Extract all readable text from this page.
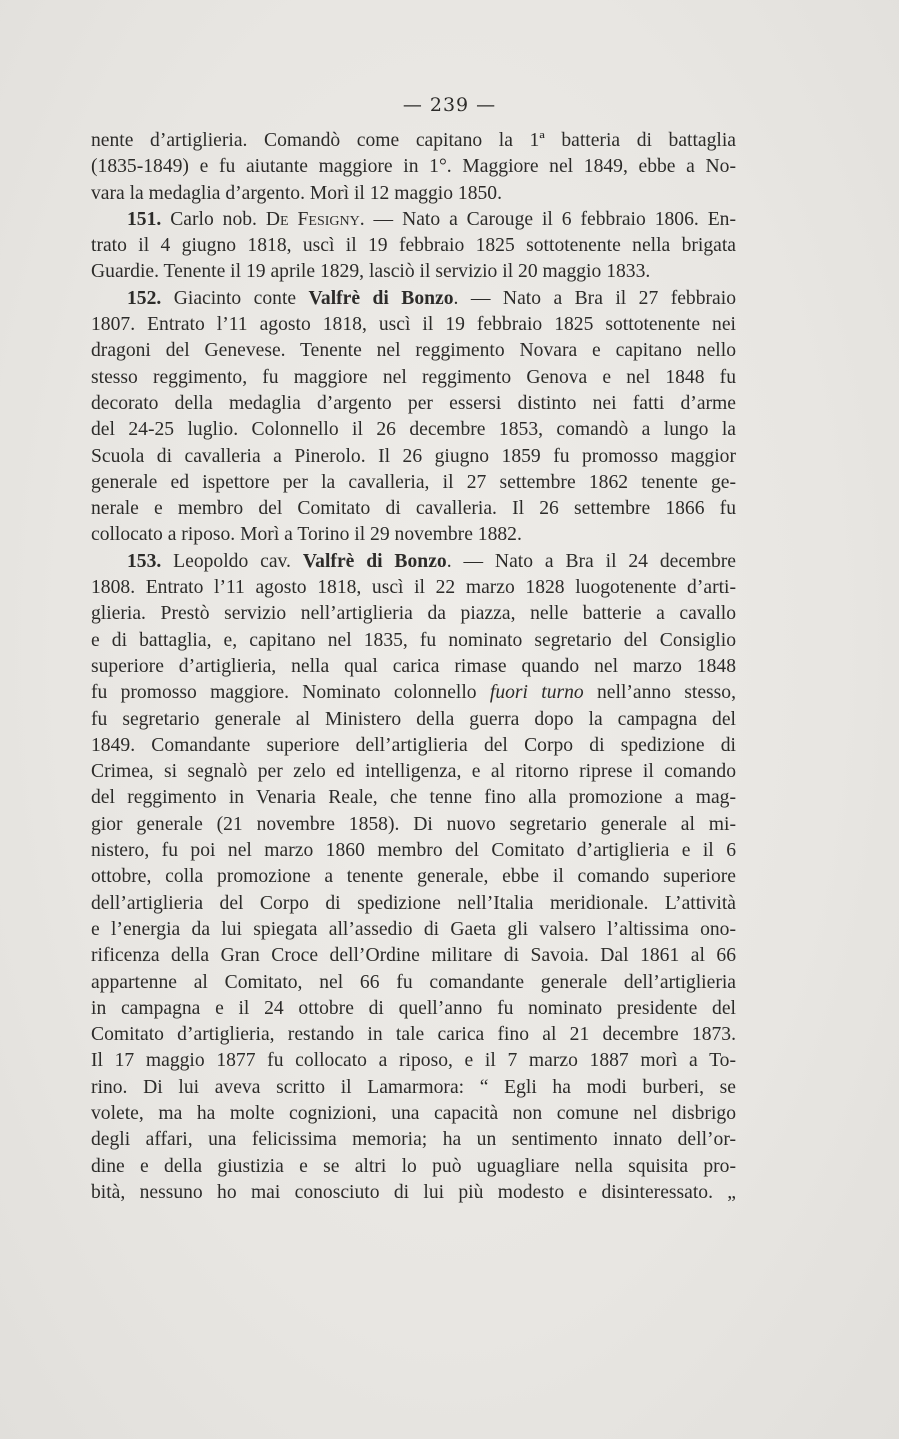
— 239 —
nente d’artiglieria. Comandò come capitano la 1ª batteria di battaglia
(1835-1849) e fu aiutante maggiore in 1°. Maggiore nel 1849, ebbe a No-
vara la medaglia d’argento. Morì il 12 maggio 1850.
151. Carlo nob. De Fesigny. — Nato a Carouge il 6 febbraio 1806. En-
trato il 4 giugno 1818, uscì il 19 febbraio 1825 sottotenente nella brigata
Guardie. Tenente il 19 aprile 1829, lasciò il servizio il 20 maggio 1833.
152. Giacinto conte Valfrè di Bonzo. — Nato a Bra il 27 febbraio
1807. Entrato l’11 agosto 1818, uscì il 19 febbraio 1825 sottotenente nei
dragoni del Genevese. Tenente nel reggimento Novara e capitano nello
stesso reggimento, fu maggiore nel reggimento Genova e nel 1848 fu
decorato della medaglia d’argento per essersi distinto nei fatti d’arme
del 24-25 luglio. Colonnello il 26 decembre 1853, comandò a lungo la
Scuola di cavalleria a Pinerolo. Il 26 giugno 1859 fu promosso maggior
generale ed ispettore per la cavalleria, il 27 settembre 1862 tenente ge-
nerale e membro del Comitato di cavalleria. Il 26 settembre 1866 fu
collocato a riposo. Morì a Torino il 29 novembre 1882.
153. Leopoldo cav. Valfrè di Bonzo. — Nato a Bra il 24 decembre
1808. Entrato l’11 agosto 1818, uscì il 22 marzo 1828 luogotenente d’arti-
glieria. Prestò servizio nell’artiglieria da piazza, nelle batterie a cavallo
e di battaglia, e, capitano nel 1835, fu nominato segretario del Consiglio
superiore d’artiglieria, nella qual carica rimase quando nel marzo 1848
fu promosso maggiore. Nominato colonnello fuori turno nell’anno stesso,
fu segretario generale al Ministero della guerra dopo la campagna del
1849. Comandante superiore dell’artiglieria del Corpo di spedizione di
Crimea, si segnalò per zelo ed intelligenza, e al ritorno riprese il comando
del reggimento in Venaria Reale, che tenne fino alla promozione a mag-
gior generale (21 novembre 1858). Di nuovo segretario generale al mi-
nistero, fu poi nel marzo 1860 membro del Comitato d’artiglieria e il 6
ottobre, colla promozione a tenente generale, ebbe il comando superiore
dell’artiglieria del Corpo di spedizione nell’Italia meridionale. L’attività
e l’energia da lui spiegata all’assedio di Gaeta gli valsero l’altissima ono-
rificenza della Gran Croce dell’Ordine militare di Savoia. Dal 1861 al 66
appartenne al Comitato, nel 66 fu comandante generale dell’artiglieria
in campagna e il 24 ottobre di quell’anno fu nominato presidente del
Comitato d’artiglieria, restando in tale carica fino al 21 decembre 1873.
Il 17 maggio 1877 fu collocato a riposo, e il 7 marzo 1887 morì a To-
rino. Di lui aveva scritto il Lamarmora: “ Egli ha modi burberi, se
volete, ma ha molte cognizioni, una capacità non comune nel disbrigo
degli affari, una felicissima memoria; ha un sentimento innato dell’or-
dine e della giustizia e se altri lo può uguagliare nella squisita pro-
bità, nessuno ho mai conosciuto di lui più modesto e disinteressato. „
